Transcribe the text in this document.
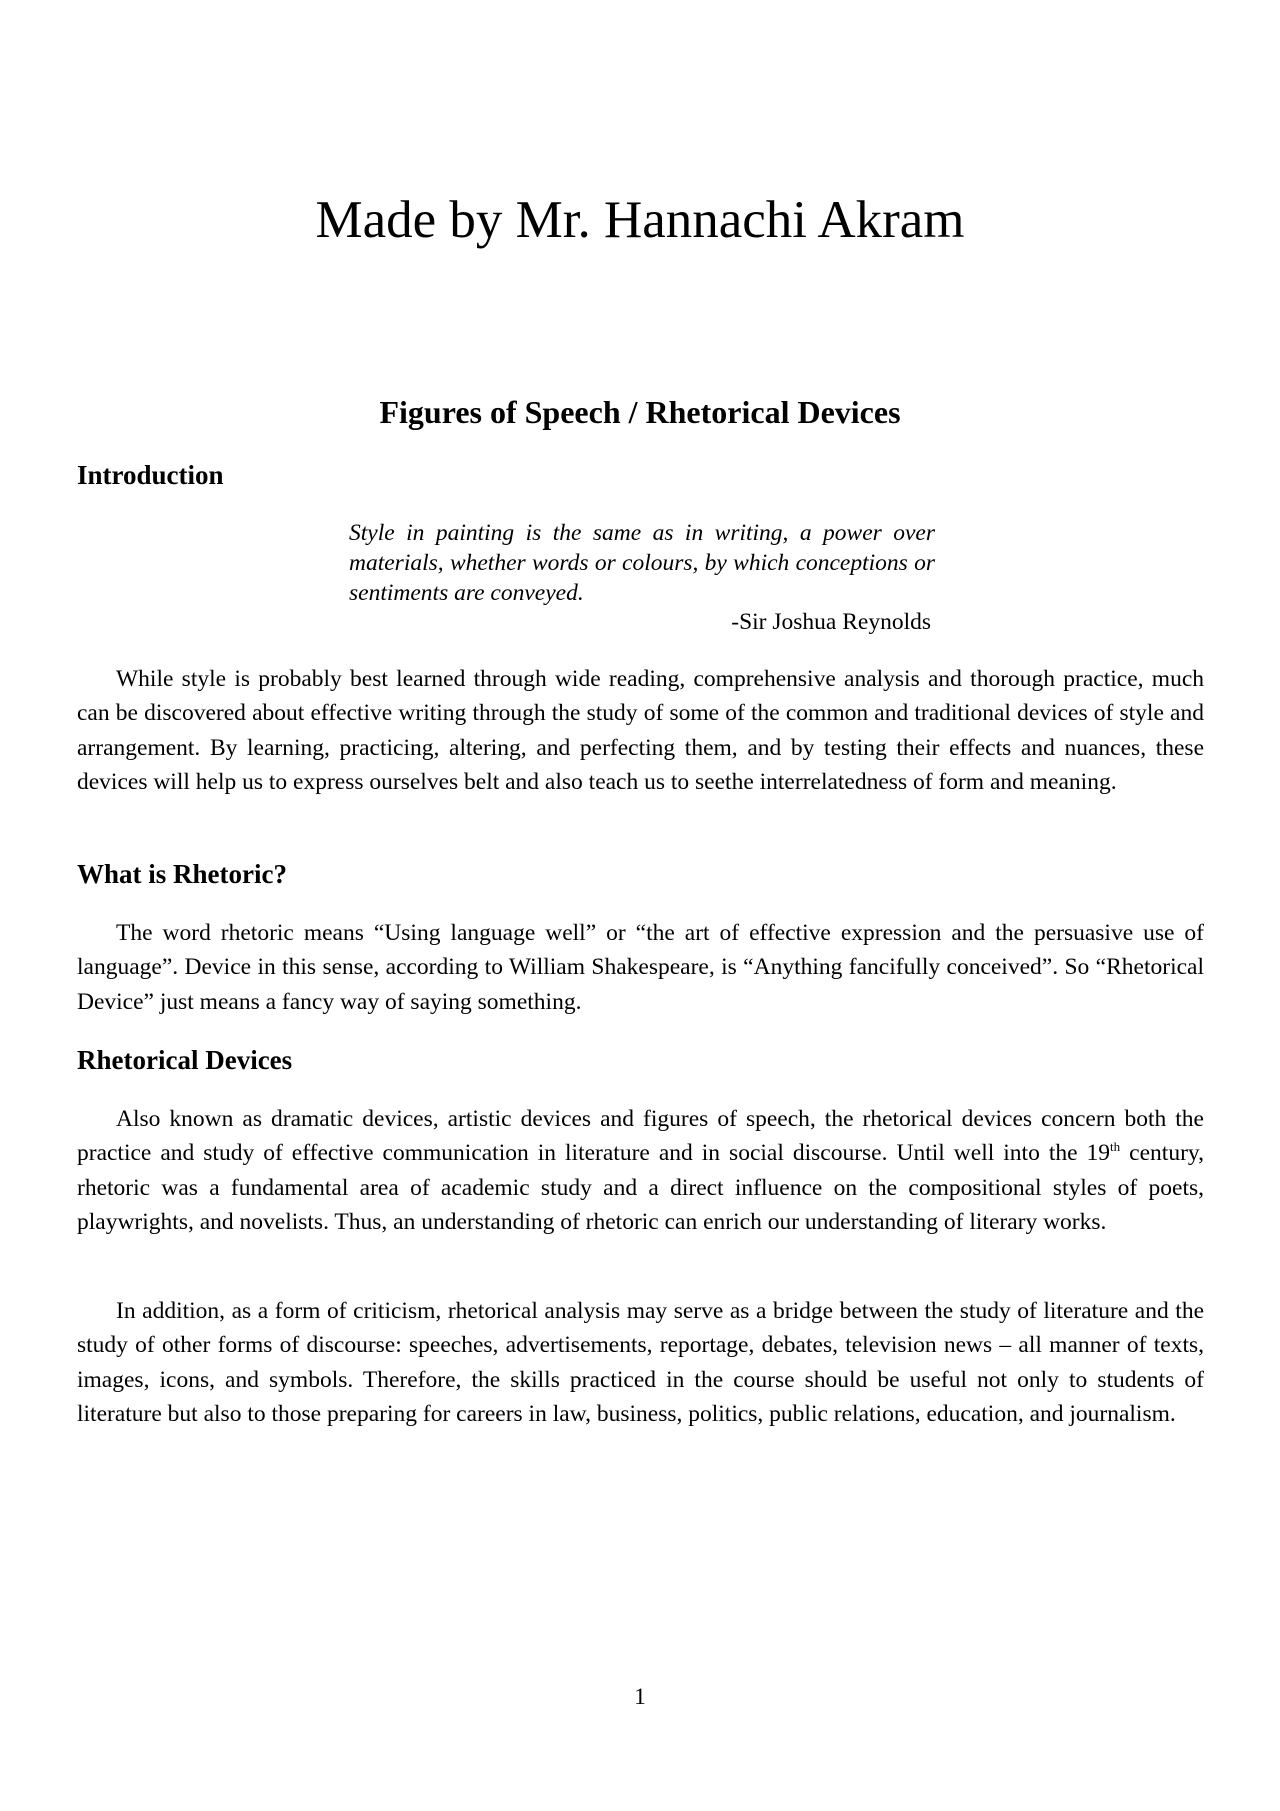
Made by Mr. Hannachi Akram
Figures of Speech / Rhetorical Devices
Introduction

Style in painting is the same as in writing, a power over materials, whether words or colours, by which conceptions or sentiments are conveyed.

-Sir Joshua Reynolds

While style is probably best learned through wide reading, comprehensive analysis and thorough practice, much can be discovered about effective writing through the study of some of the common and traditional devices of style and arrangement. By learning, practicing, altering, and perfecting them, and by testing their effects and nuances, these devices will help us to express ourselves belt and also teach us to seethe interrelatedness of form and meaning.

What is Rhetoric?

The word rhetoric means “Using language well” or “the art of effective expression and the persuasive use of language”. Device in this sense, according to William Shakespeare, is “Anything fancifully conceived”. So “Rhetorical Device” just means a fancy way of saying something.

Rhetorical Devices

Also known as dramatic devices, artistic devices and figures of speech, the rhetorical devices concern both the practice and study of effective communication in literature and in social discourse. Until well into the 19th century, rhetoric was a fundamental area of academic study and a direct influence on the compositional styles of poets, playwrights, and novelists. Thus, an understanding of rhetoric can enrich our understanding of literary works.

In addition, as a form of criticism, rhetorical analysis may serve as a bridge between the study of literature and the study of other forms of discourse: speeches, advertisements, reportage, debates, television news – all manner of texts, images, icons, and symbols. Therefore, the skills practiced in the course should be useful not only to students of literature but also to those preparing for careers in law, business, politics, public relations, education, and journalism.

1
